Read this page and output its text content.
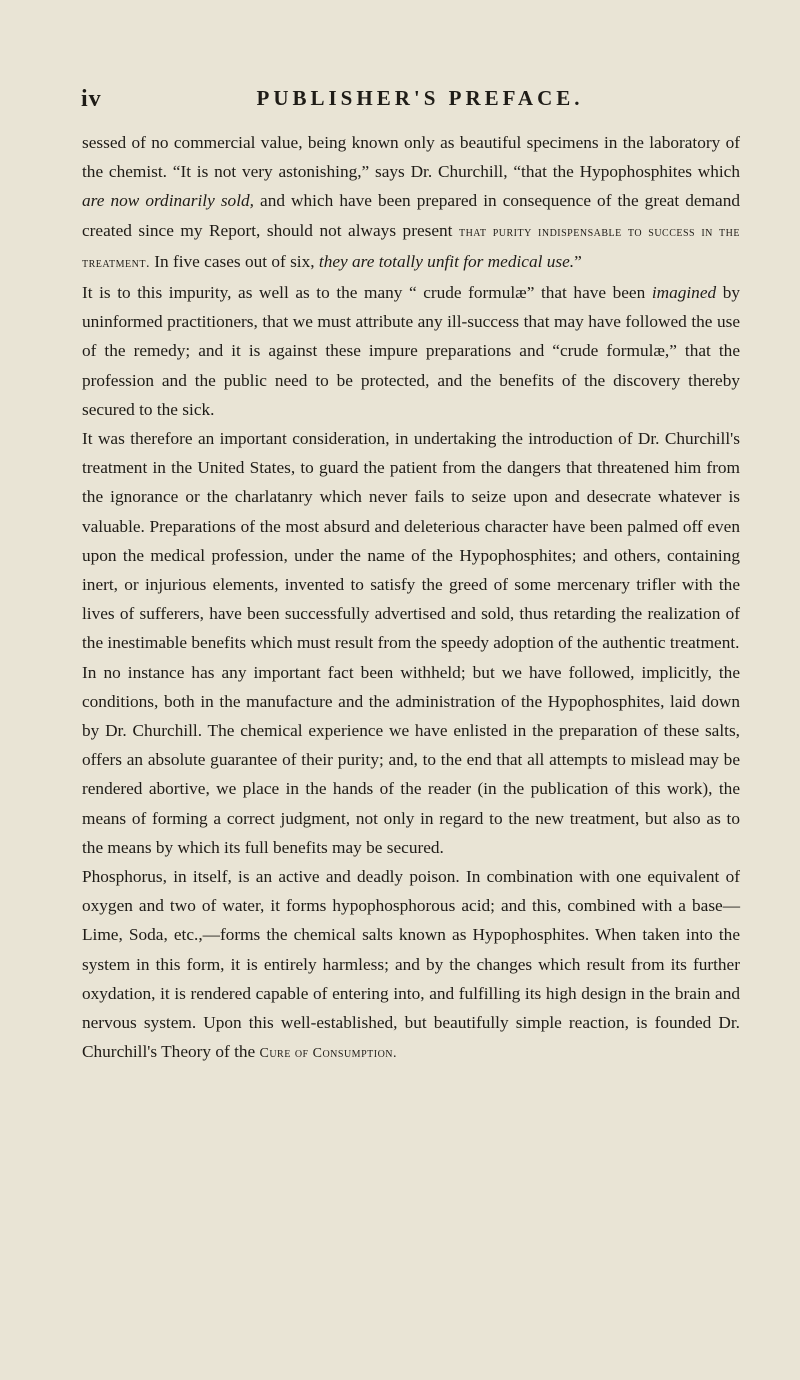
iv	PUBLISHER'S PREFACE.

sessed of no commercial value, being known only as beautiful specimens in the laboratory of the chemist. “It is not very astonishing,” says Dr. Churchill, “that the Hypophosphites which are now ordinarily sold, and which have been prepared in consequence of the great demand created since my Report, should not always present that purity indispensable to success in the treatment. In five cases out of six, they are totally unfit for medical use.”

It is to this impurity, as well as to the many “ crude formulæ” that have been imagined by uninformed practitioners, that we must attribute any ill-success that may have followed the use of the remedy; and it is against these impure preparations and “crude formulæ,” that the profession and the public need to be protected, and the benefits of the discovery thereby secured to the sick.

It was therefore an important consideration, in undertaking the introduction of Dr. Churchill's treatment in the United States, to guard the patient from the dangers that threatened him from the ignorance or the charlatanry which never fails to seize upon and desecrate whatever is valuable. Preparations of the most absurd and deleterious character have been palmed off even upon the medical profession, under the name of the Hypophosphites; and others, containing inert, or injurious elements, invented to satisfy the greed of some mercenary trifler with the lives of sufferers, have been successfully advertised and sold, thus retarding the realization of the inestimable benefits which must result from the speedy adoption of the authentic treatment.

In no instance has any important fact been withheld; but we have followed, implicitly, the conditions, both in the manufacture and the administration of the Hypophosphites, laid down by Dr. Churchill. The chemical experience we have enlisted in the preparation of these salts, offers an absolute guarantee of their purity; and, to the end that all attempts to mislead may be rendered abortive, we place in the hands of the reader (in the publication of this work), the means of forming a correct judgment, not only in regard to the new treatment, but also as to the means by which its full benefits may be secured.

Phosphorus, in itself, is an active and deadly poison. In combination with one equivalent of oxygen and two of water, it forms hypophosphorous acid; and this, combined with a base—Lime, Soda, etc.,—forms the chemical salts known as Hypophosphites. When taken into the system in this form, it is entirely harmless; and by the changes which result from its further oxydation, it is rendered capable of entering into, and fulfilling its high design in the brain and nervous system. Upon this well-established, but beautifully simple reaction, is founded Dr. Churchill's Theory of the Cure of Consumption.
